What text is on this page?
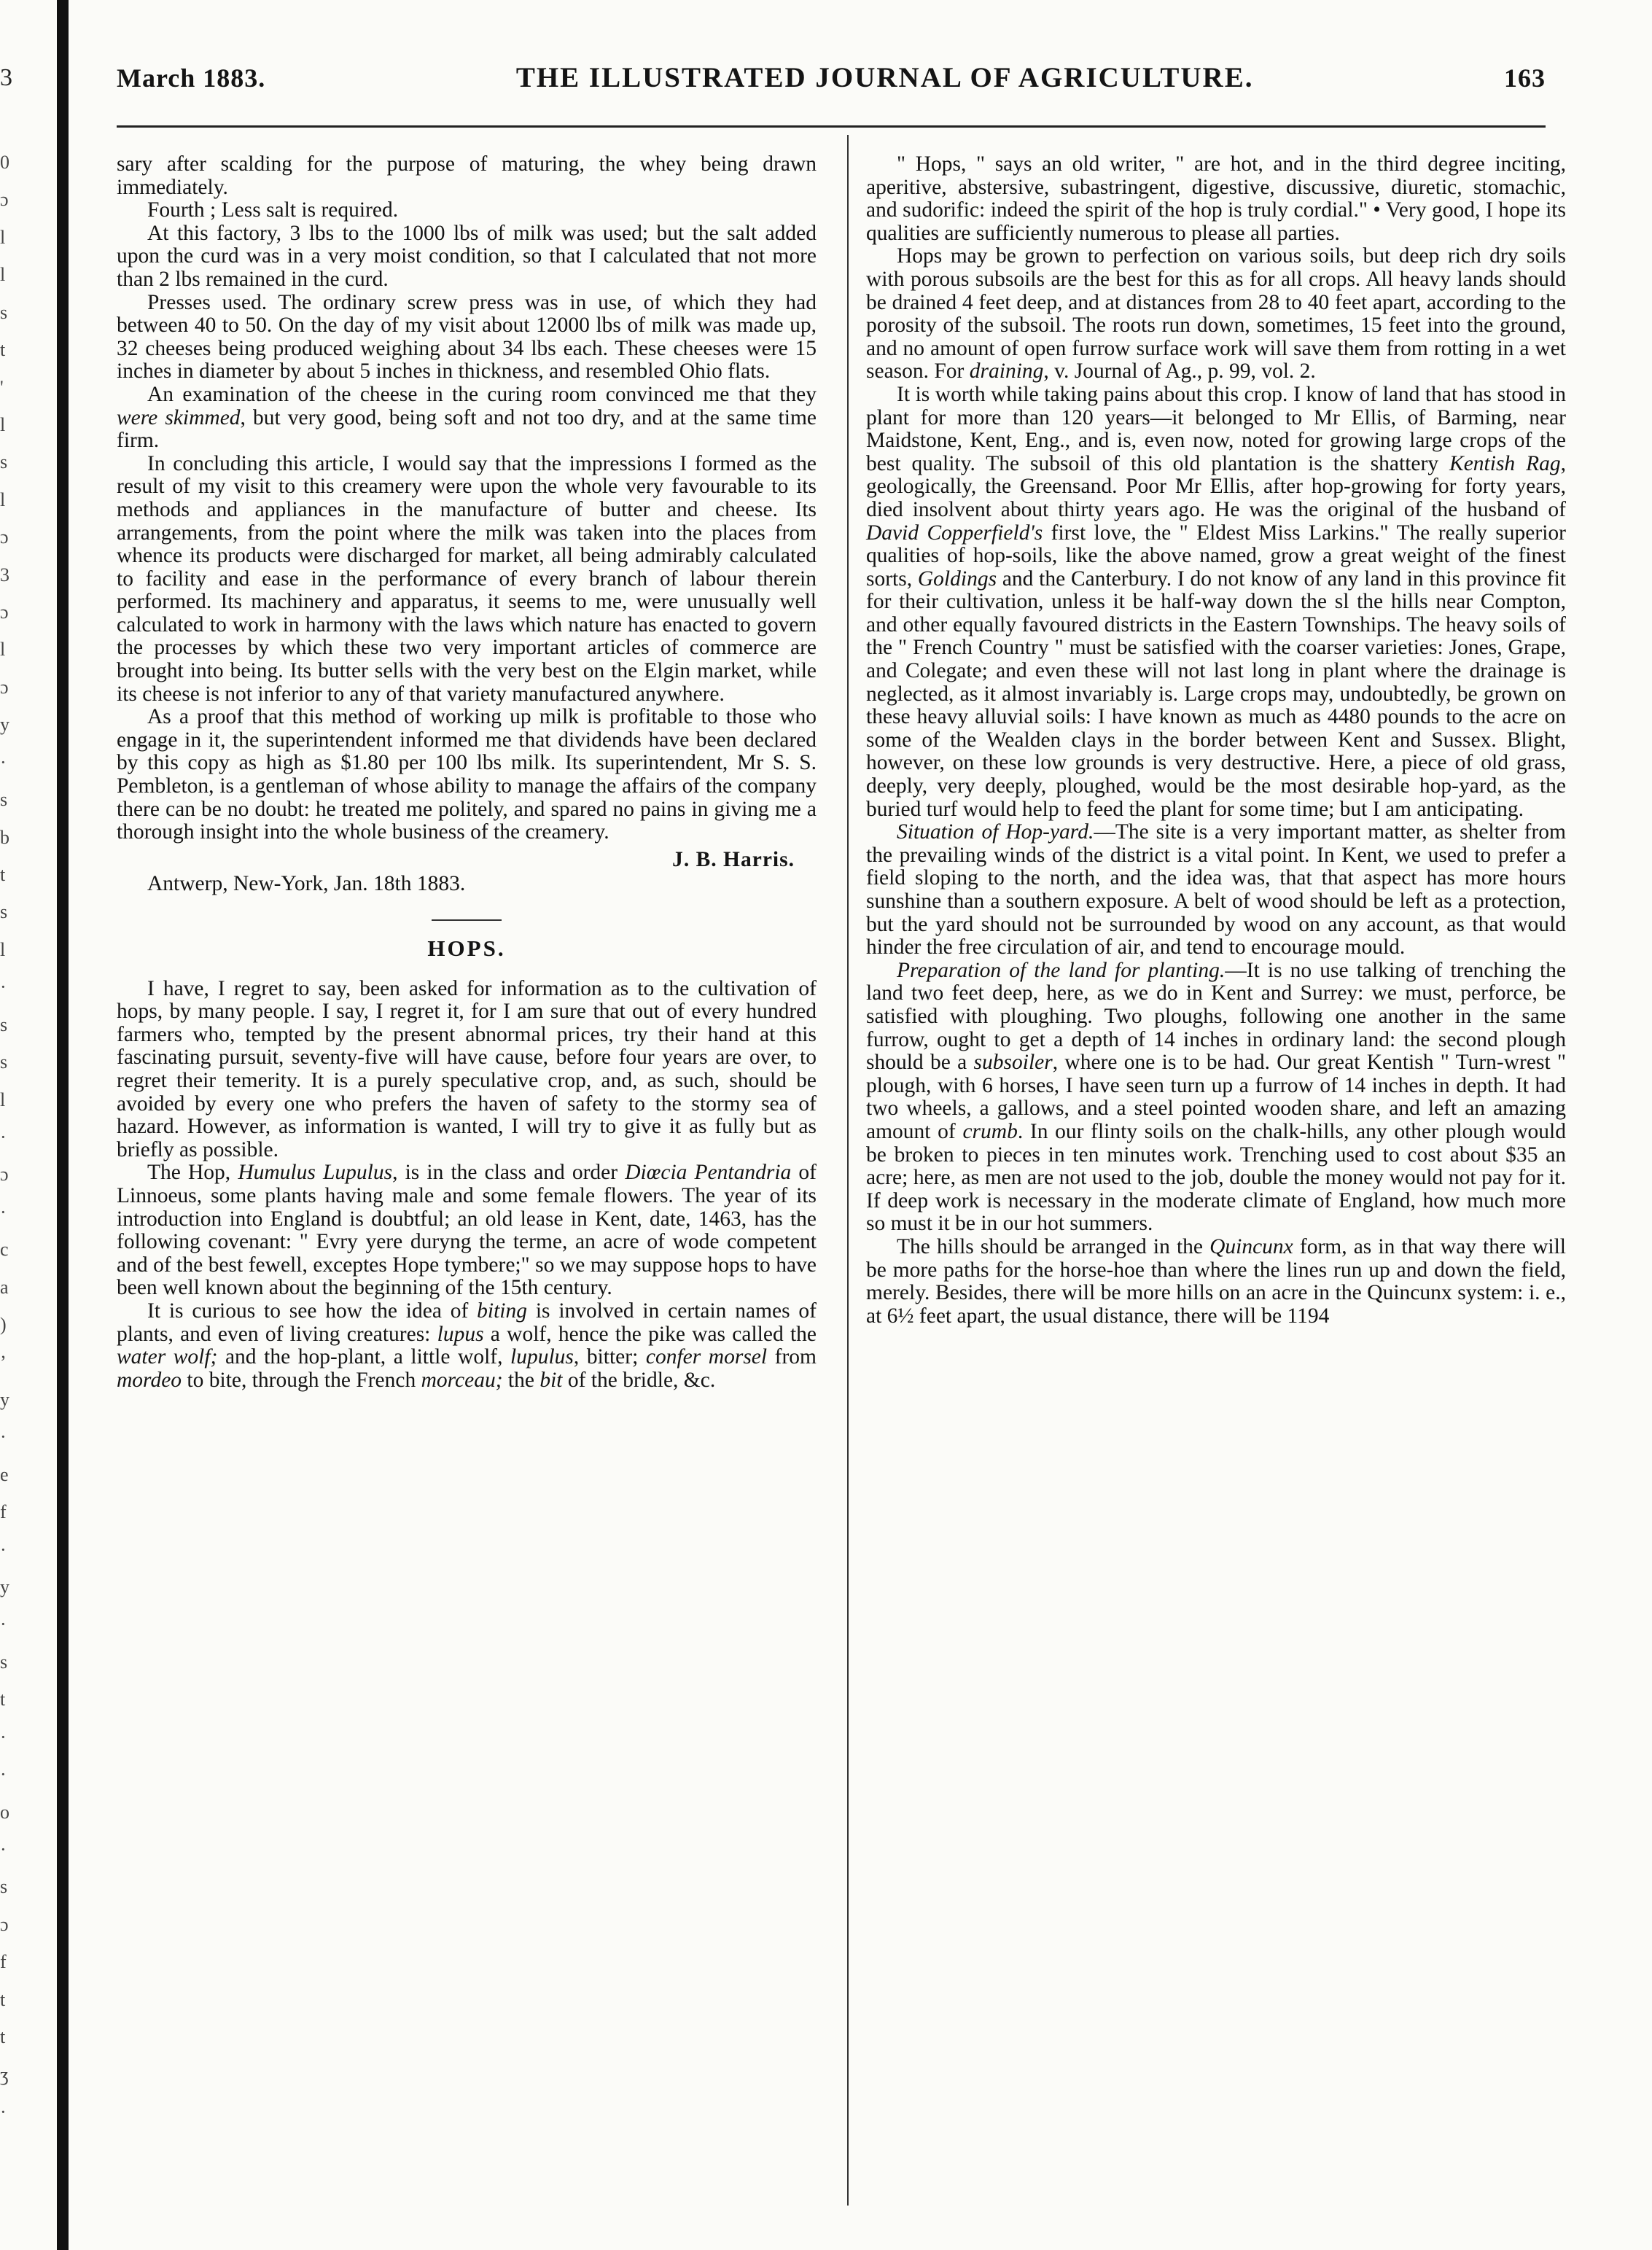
3
0
ɔ
l
l
s
t
'
l
s
l
ɔ
3
ɔ
l
ɔ
y
·
s
b
t
s
l
·
s
s
l
·
ɔ
·
c
a
)
ʼ
y
·
e
f
·
y
·
s
t
·
·
o
·
s
ɔ
f
t
t
ʒ
·
March 1883.	THE ILLUSTRATED JOURNAL OF AGRICULTURE.	163

sary after scalding for the purpose of maturing, the whey being drawn immediately.

Fourth ; Less salt is required.

At this factory, 3 lbs to the 1000 lbs of milk was used; but the salt added upon the curd was in a very moist condition, so that I calculated that not more than 2 lbs remained in the curd.

Presses used. The ordinary screw press was in use, of which they had between 40 to 50. On the day of my visit about 12000 lbs of milk was made up, 32 cheeses being produced weighing about 34 lbs each. These cheeses were 15 inches in diameter by about 5 inches in thickness, and resembled Ohio flats.

An examination of the cheese in the curing room convinced me that they were skimmed, but very good, being soft and not too dry, and at the same time firm.

In concluding this article, I would say that the impressions I formed as the result of my visit to this creamery were upon the whole very favourable to its methods and appliances in the manufacture of butter and cheese. Its arrangements, from the point where the milk was taken into the places from whence its products were discharged for market, all being admirably calculated to facility and ease in the performance of every branch of labour therein performed. Its machinery and apparatus, it seems to me, were unusually well calculated to work in harmony with the laws which nature has enacted to govern the processes by which these two very important articles of commerce are brought into being. Its butter sells with the very best on the Elgin market, while its cheese is not inferior to any of that variety manufactured anywhere.

As a proof that this method of working up milk is profitable to those who engage in it, the superintendent informed me that dividends have been declared by this copy as high as $1.80 per 100 lbs milk. Its superintendent, Mr S. S. Pembleton, is a gentleman of whose ability to manage the affairs of the company there can be no doubt: he treated me politely, and spared no pains in giving me a thorough insight into the whole business of the creamery.

J. B. Harris.

Antwerp, New-York, Jan. 18th 1883.

HOPS.

I have, I regret to say, been asked for information as to the cultivation of hops, by many people. I say, I regret it, for I am sure that out of every hundred farmers who, tempted by the present abnormal prices, try their hand at this fascinating pursuit, seventy-five will have cause, before four years are over, to regret their temerity. It is a purely speculative crop, and, as such, should be avoided by every one who prefers the haven of safety to the stormy sea of hazard. However, as information is wanted, I will try to give it as fully but as briefly as possible.

The Hop, Humulus Lupulus, is in the class and order Diœcia Pentandria of Linnoeus, some plants having male and some female flowers. The year of its introduction into England is doubtful; an old lease in Kent, date, 1463, has the following covenant: " Evry yere duryng the terme, an acre of wode competent and of the best fewell, exceptes Hope tymbere;" so we may suppose hops to have been well known about the beginning of the 15th century.

It is curious to see how the idea of biting is involved in certain names of plants, and even of living creatures: lupus a wolf, hence the pike was called the water wolf; and the hop-plant, a little wolf, lupulus, bitter; confer morsel from mordeo to bite, through the French morceau; the bit of the bridle, &c.

" Hops, " says an old writer, " are hot, and in the third degree inciting, aperitive, abstersive, subastringent, digestive, discussive, diuretic, stomachic, and sudorific: indeed the spirit of the hop is truly cordial." • Very good, I hope its qualities are sufficiently numerous to please all parties.

Hops may be grown to perfection on various soils, but deep rich dry soils with porous subsoils are the best for this as for all crops. All heavy lands should be drained 4 feet deep, and at distances from 28 to 40 feet apart, according to the porosity of the subsoil. The roots run down, sometimes, 15 feet into the ground, and no amount of open furrow surface work will save them from rotting in a wet season. For draining, v. Journal of Ag., p. 99, vol. 2.

It is worth while taking pains about this crop. I know of land that has stood in plant for more than 120 years—it belonged to Mr Ellis, of Barming, near Maidstone, Kent, Eng., and is, even now, noted for growing large crops of the best quality. The subsoil of this old plantation is the shattery Kentish Rag, geologically, the Greensand. Poor Mr Ellis, after hop-growing for forty years, died insolvent about thirty years ago. He was the original of the husband of David Copperfield's first love, the " Eldest Miss Larkins." The really superior qualities of hop-soils, like the above named, grow a great weight of the finest sorts, Goldings and the Canterbury. I do not know of any land in this province fit for their cultivation, unless it be half-way down the sl the hills near Compton, and other equally favoured districts in the Eastern Townships. The heavy soils of the " French Country " must be satisfied with the coarser varieties: Jones, Grape, and Colegate; and even these will not last long in plant where the drainage is neglected, as it almost invariably is. Large crops may, undoubtedly, be grown on these heavy alluvial soils: I have known as much as 4480 pounds to the acre on some of the Wealden clays in the border between Kent and Sussex. Blight, however, on these low grounds is very destructive. Here, a piece of old grass, deeply, very deeply, ploughed, would be the most desirable hop-yard, as the buried turf would help to feed the plant for some time; but I am anticipating.

Situation of Hop-yard.—The site is a very important matter, as shelter from the prevailing winds of the district is a vital point. In Kent, we used to prefer a field sloping to the north, and the idea was, that that aspect has more hours sunshine than a southern exposure. A belt of wood should be left as a protection, but the yard should not be surrounded by wood on any account, as that would hinder the free circulation of air, and tend to encourage mould.

Preparation of the land for planting.—It is no use talking of trenching the land two feet deep, here, as we do in Kent and Surrey: we must, perforce, be satisfied with ploughing. Two ploughs, following one another in the same furrow, ought to get a depth of 14 inches in ordinary land: the second plough should be a subsoiler, where one is to be had. Our great Kentish " Turn-wrest " plough, with 6 horses, I have seen turn up a furrow of 14 inches in depth. It had two wheels, a gallows, and a steel pointed wooden share, and left an amazing amount of crumb. In our flinty soils on the chalk-hills, any other plough would be broken to pieces in ten minutes work. Trenching used to cost about $35 an acre; here, as men are not used to the job, double the money would not pay for it. If deep work is necessary in the moderate climate of England, how much more so must it be in our hot summers.

The hills should be arranged in the Quincunx form, as in that way there will be more paths for the horse-hoe than where the lines run up and down the field, merely. Besides, there will be more hills on an acre in the Quincunx system: i. e., at 6½ feet apart, the usual distance, there will be 1194
